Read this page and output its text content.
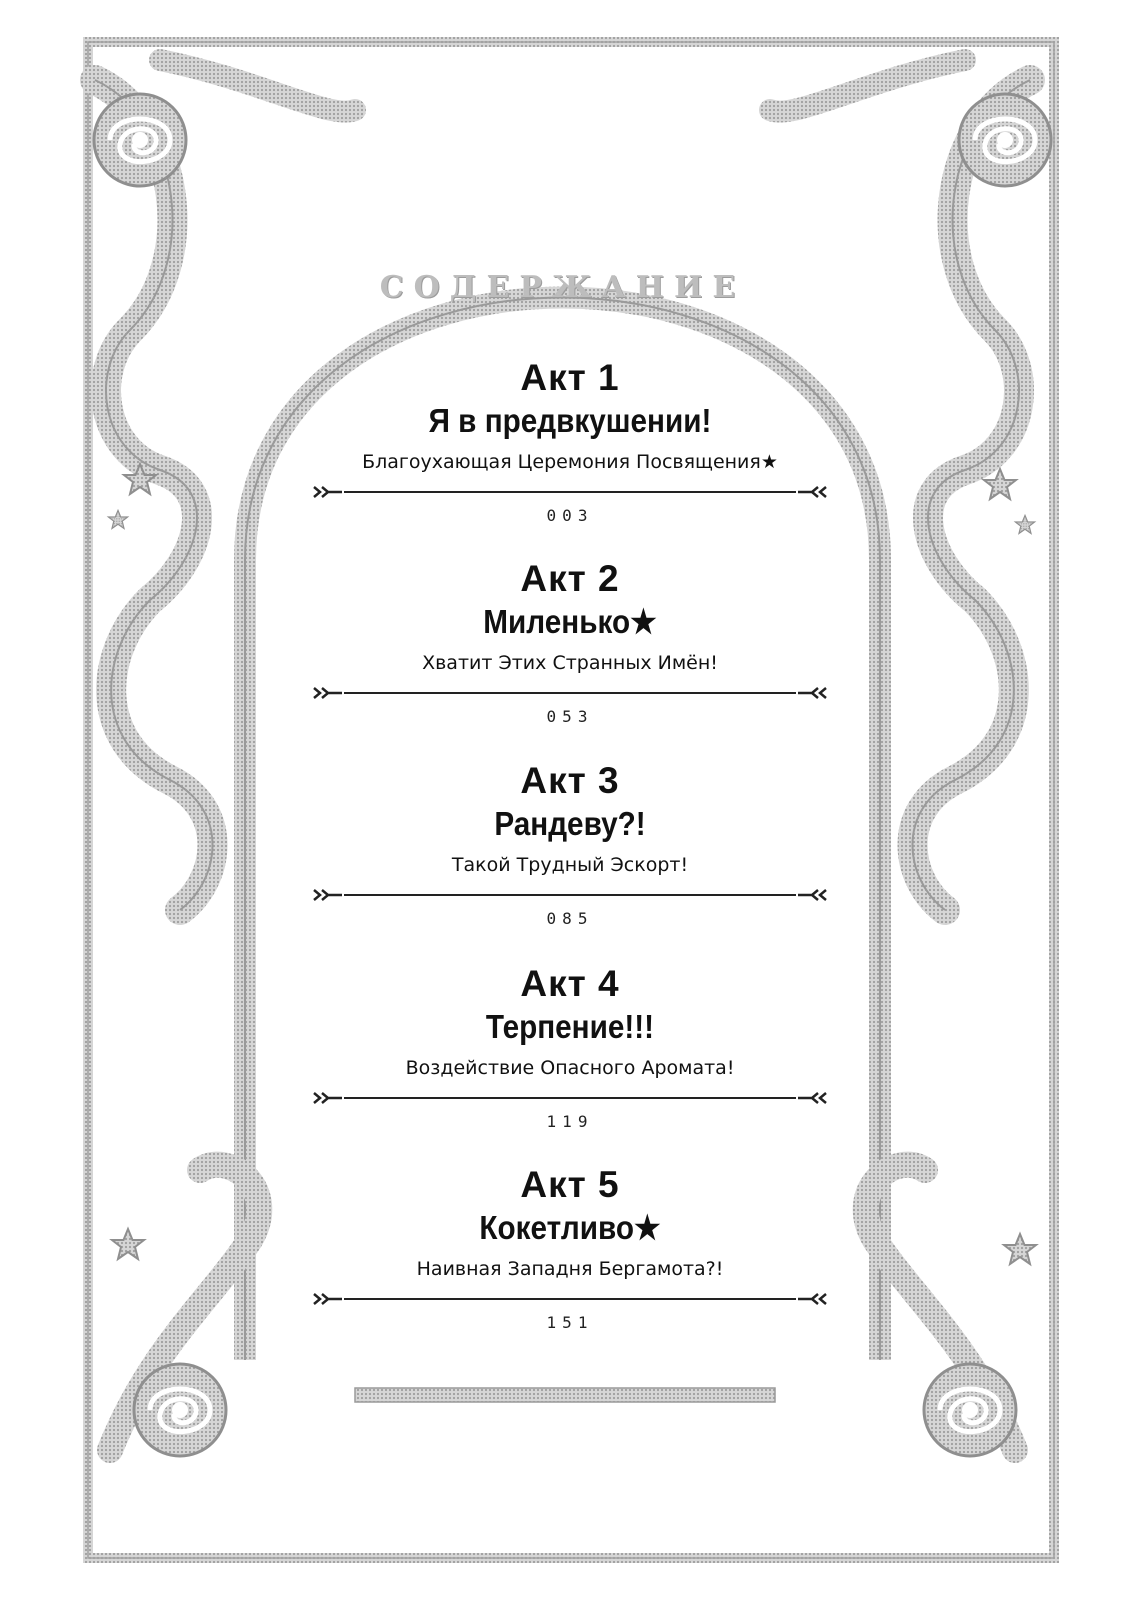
СОДЕРЖАНИЕ
Акт 1
Я в предвкушении!
Благоухающая Церемония Посвящения★
003
Акт 2
Миленько★
Хватит Этих Странных Имён!
053
Акт 3
Рандеву?!
Такой Трудный Эскорт!
085
Акт 4
Терпение!!!
Воздействие Опасного Аромата!
119
Акт 5
Кокетливо★
Наивная Западня Бергамота?!
151
